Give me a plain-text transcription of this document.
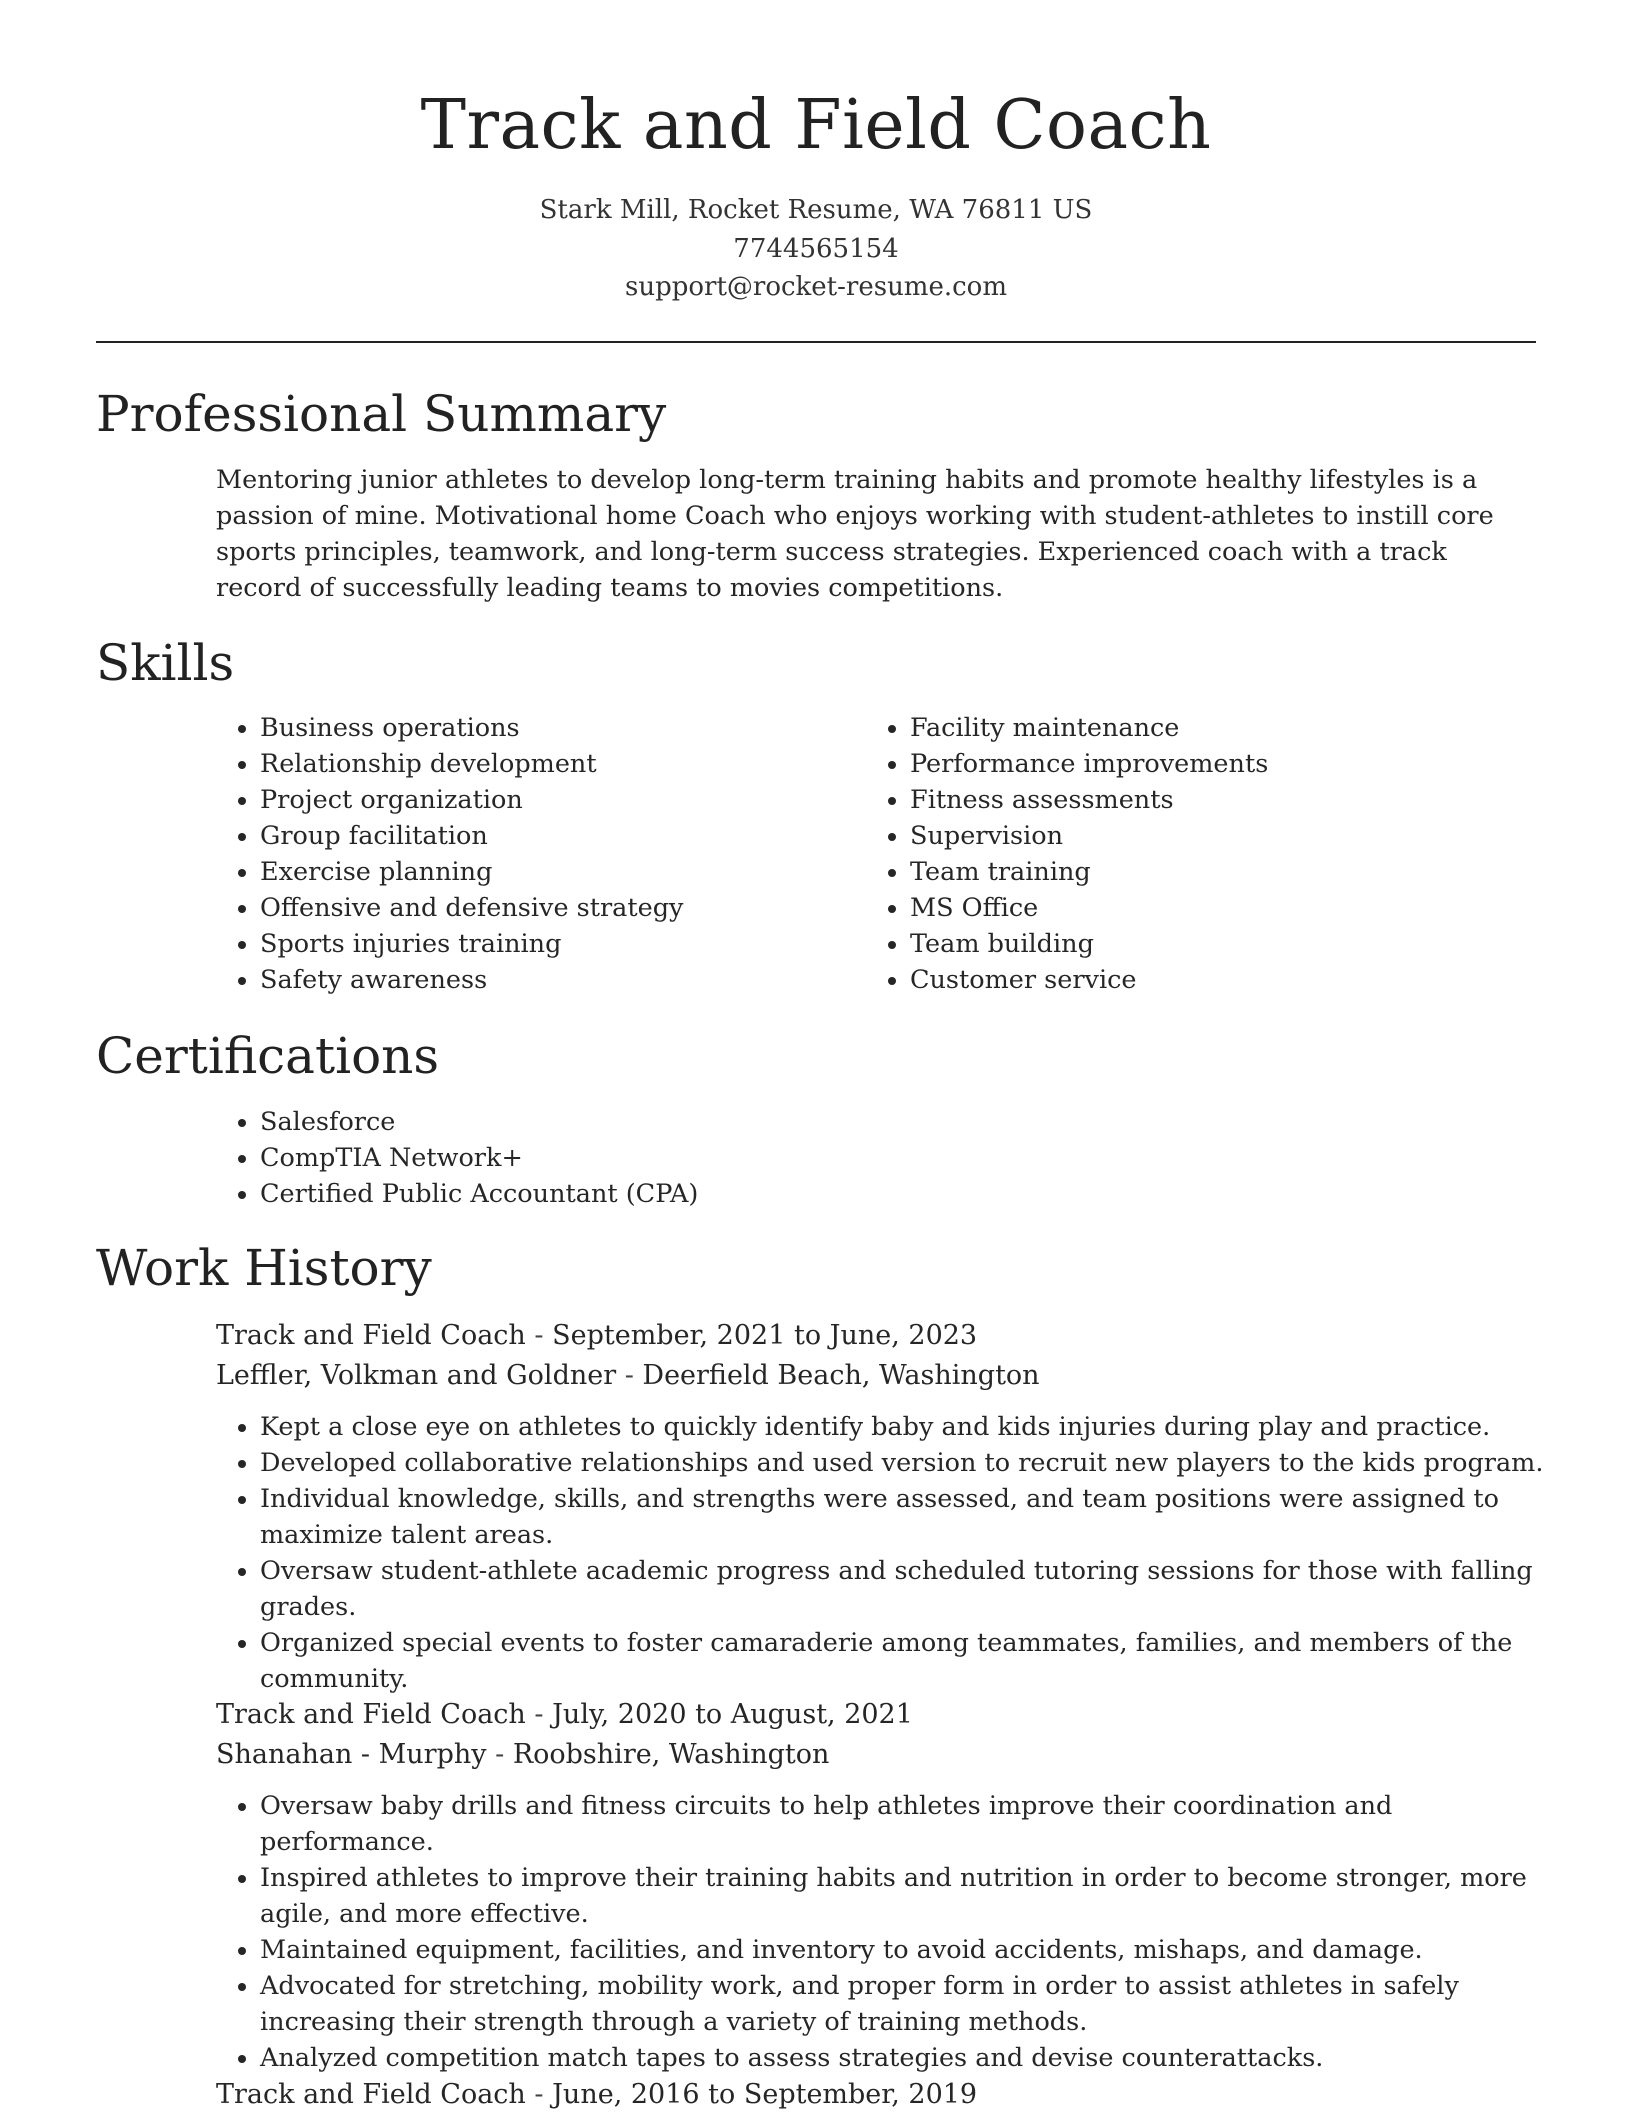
Track and Field Coach
Stark Mill, Rocket Resume, WA 76811 US
7744565154
support@rocket-resume.com
Professional Summary

Mentoring junior athletes to develop long-term training habits and promote healthy lifestyles is a passion of mine. Motivational home Coach who enjoys working with student-athletes to instill core sports principles, teamwork, and long-term success strategies. Experienced coach with a track record of successfully leading teams to movies competitions.

Skills
• Business operations
• Relationship development
• Project organization
• Group facilitation
• Exercise planning
• Offensive and defensive strategy
• Sports injuries training
• Safety awareness
• Facility maintenance
• Performance improvements
• Fitness assessments
• Supervision
• Team training
• MS Office
• Team building
• Customer service
Certifications
• Salesforce
• CompTIA Network+
• Certified Public Accountant (CPA)
Work History
Track and Field Coach - September, 2021 to June, 2023
Leffler, Volkman and Goldner - Deerfield Beach, Washington
• Kept a close eye on athletes to quickly identify baby and kids injuries during play and practice.
• Developed collaborative relationships and used version to recruit new players to the kids program.
• Individual knowledge, skills, and strengths were assessed, and team positions were assigned to maximize talent areas.
• Oversaw student-athlete academic progress and scheduled tutoring sessions for those with falling grades.
• Organized special events to foster camaraderie among teammates, families, and members of the community.
Track and Field Coach - July, 2020 to August, 2021
Shanahan - Murphy - Roobshire, Washington
• Oversaw baby drills and fitness circuits to help athletes improve their coordination and performance.
• Inspired athletes to improve their training habits and nutrition in order to become stronger, more agile, and more effective.
• Maintained equipment, facilities, and inventory to avoid accidents, mishaps, and damage.
• Advocated for stretching, mobility work, and proper form in order to assist athletes in safely increasing their strength through a variety of training methods.
• Analyzed competition match tapes to assess strategies and devise counterattacks.
Track and Field Coach - June, 2016 to September, 2019
